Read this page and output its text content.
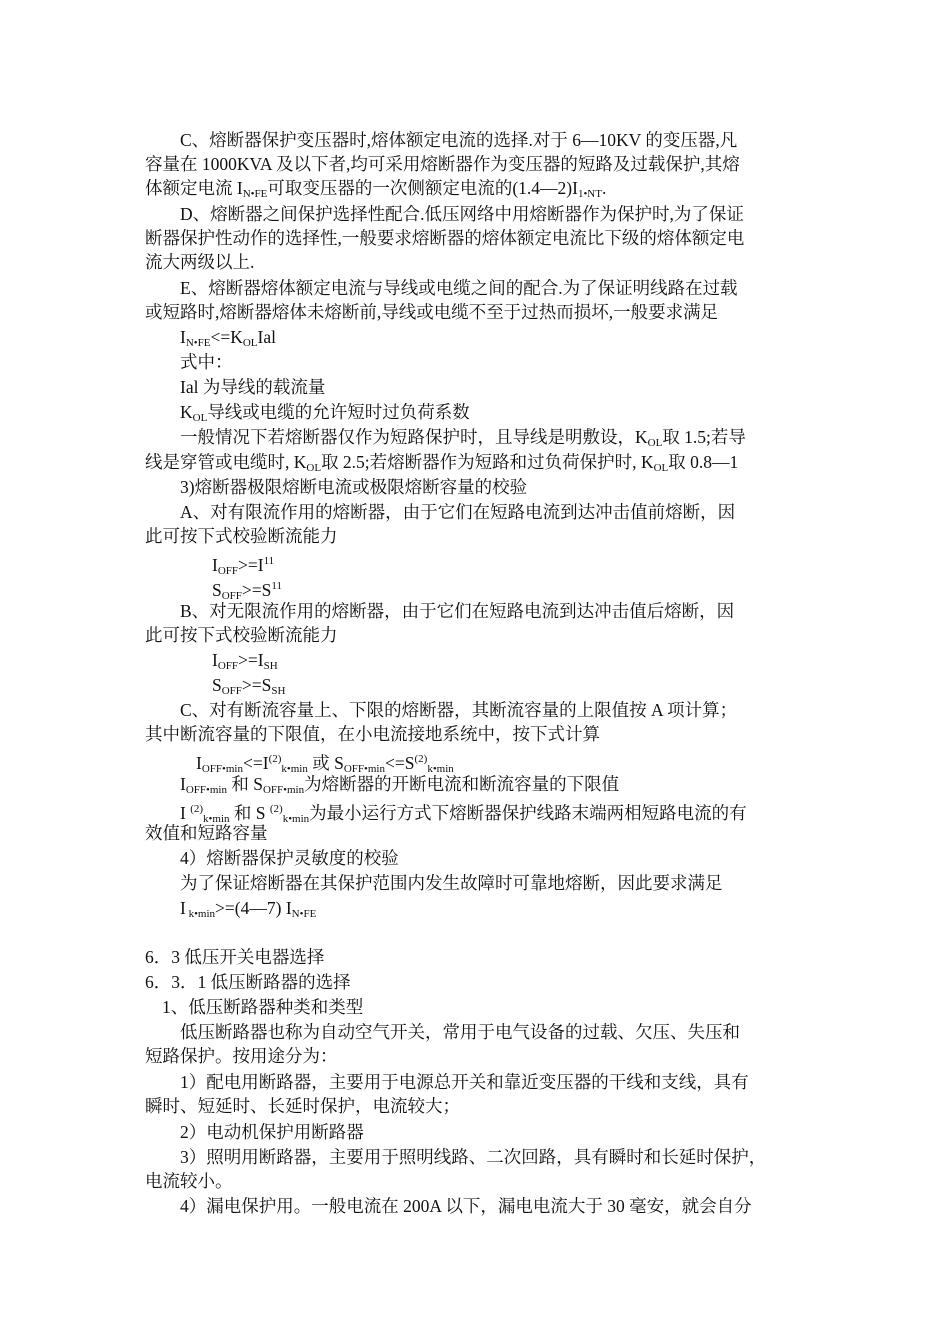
C、熔断器保护变压器时,熔体额定电流的选择.对于 6—10KV 的变压器,凡
容量在 1000KVA 及以下者,均可采用熔断器作为变压器的短路及过载保护,其熔
体额定电流 $I_{N•FE}$可取变压器的一次侧额定电流的$(1.4—2)I_{1•NT}$.
D、熔断器之间保护选择性配合.低压网络中用熔断器作为保护时,为了保证
断器保护性动作的选择性,一般要求熔断器的熔体额定电流比下级的熔体额定电
流大两级以上.
E、熔断器熔体额定电流与导线或电缆之间的配合.为了保证明线路在过载
或短路时,熔断器熔体未熔断前,导线或电缆不至于过热而损坏,一般要求满足
$I_{N•FE}<=K_{OL}Ial$
式中：
Ial 为导线的载流量
$K_{OL}$导线或电缆的允许短时过负荷系数
一般情况下若熔断器仅作为短路保护时，且导线是明敷设，$K_{OL}$取 1.5;若导
线是穿管或电缆时, $K_{OL}$取 2.5;若熔断器作为短路和过负荷保护时, $K_{OL}$取 0.8—1
3)熔断器极限熔断电流或极限熔断容量的校验
A、对有限流作用的熔断器，由于它们在短路电流到达冲击值前熔断，因
此可按下式校验断流能力
$I_{OFF}>=I^{11}$
$S_{OFF}>=S^{11}$
B、对无限流作用的熔断器，由于它们在短路电流到达冲击值后熔断，因
此可按下式校验断流能力
$I_{OFF}>=I_{SH}$
$S_{OFF}>=S_{SH}$
C、对有断流容量上、下限的熔断器，其断流容量的上限值按 A 项计算；
其中断流容量的下限值，在小电流接地系统中，按下式计算
$I_{OFF•min}<=I^{(2)}_{k•min}$ 或 $S_{OFF•min}<=S^{(2)}_{k•min}$
$I_{OFF•min}$ 和 $S_{OFF•min}$为熔断器的开断电流和断流容量的下限值
I $^{(2)}_{k•min}$ 和 S $^{(2)}_{k•min}$为最小运行方式下熔断器保护线路末端两相短路电流的有
效值和短路容量
4）熔断器保护灵敏度的校验
为了保证熔断器在其保护范围内发生故障时可靠地熔断，因此要求满足
I $_{k•min}$>=(4—7) $I_{N•FE}$
6．3 低压开关电器选择
6．3．1 低压断路器的选择
1、低压断路器种类和类型
低压断路器也称为自动空气开关，常用于电气设备的过载、欠压、失压和
短路保护。按用途分为：
1）配电用断路器，主要用于电源总开关和靠近变压器的干线和支线，具有
瞬时、短延时、长延时保护，电流较大；
2）电动机保护用断路器
3）照明用断路器，主要用于照明线路、二次回路，具有瞬时和长延时保护，
电流较小。
4）漏电保护用。一般电流在 200A 以下，漏电电流大于 30 毫安，就会自分
